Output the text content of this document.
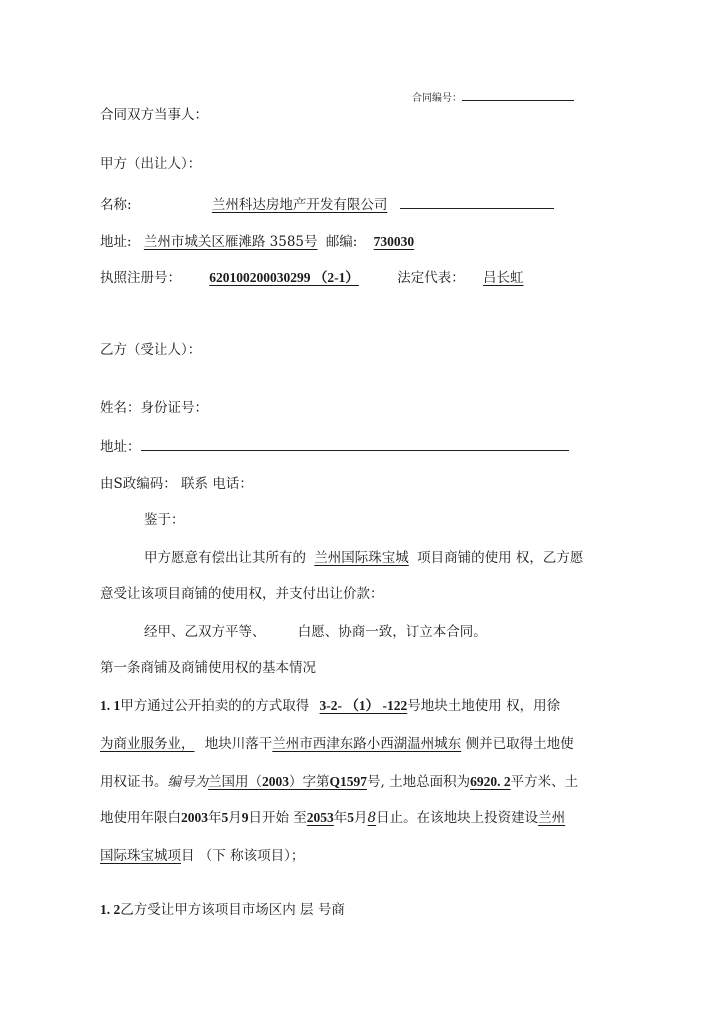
合同编号：
合同双方当事人：
甲方（出让人）：
名称:	兰州科达房地产开发有限公司
地址: 兰州市城关区雁滩路 3585号 邮编: 730030
执照注册号： 620100200030299 （2-1）	法定代表： 吕长虹
乙方（受让人）：
姓名：身份证号：
地址：
由S政编码： 联系 电话：
鉴于：
甲方愿意有偿出让其所有的 兰州国际珠宝城 项目商铺的使用 权，乙方愿
意受让该项目商铺的使用权，并支付出让价款：
经甲、乙双方平等、 白愿、协商一致，订立本合同。
第一条商铺及商铺使用权的基本情况
1. 1甲方通过公开拍卖的的方式取得 3-2- （1） -122号地块土地使用 权，用徐
为商业服务业， 地块川落干兰州市西津东路小西湖温州城东 侧并已取得土地使
用权证书。编号为兰国用（2003）字第Q1597号, 土地总面积为6920. 2平方米、土
地使用年限白2003年5月9日开始 至2053年5月8日止。在该地块上投资建设兰州
国际珠宝城项目 （下 称该项目）；
1. 2乙方受让甲方该项目市场区内 层 号商
